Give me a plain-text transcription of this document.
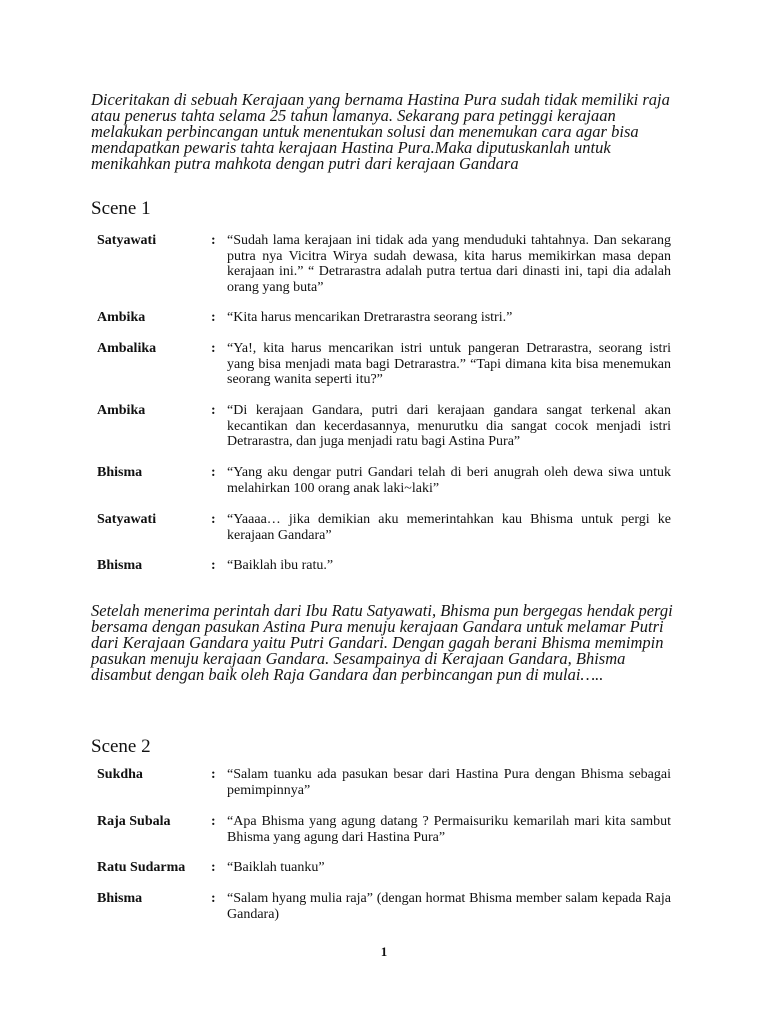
Diceritakan di sebuah Kerajaan yang bernama Hastina Pura sudah tidak memiliki raja atau penerus tahta selama 25 tahun lamanya. Sekarang para petinggi kerajaan melakukan perbincangan untuk menentukan solusi dan menemukan cara agar bisa mendapatkan pewaris tahta kerajaan Hastina Pura.Maka diputuskanlah untuk menikahkan putra mahkota dengan putri dari kerajaan Gandara

Scene 1
Satyawati	: “Sudah lama kerajaan ini tidak ada yang menduduki tahtahnya. Dan sekarang putra nya Vicitra Wirya sudah dewasa, kita harus memikirkan masa depan kerajaan ini.” “ Detrarastra adalah putra tertua dari dinasti ini, tapi dia adalah orang yang buta”
Ambika	: “Kita harus mencarikan Dretrarastra seorang istri.”
Ambalika	: “Ya!, kita harus mencarikan istri untuk pangeran Detrarastra, seorang istri yang bisa menjadi mata bagi Detrarastra.” “Tapi dimana kita bisa menemukan seorang wanita seperti itu?”
Ambika	: “Di kerajaan Gandara, putri dari kerajaan gandara sangat terkenal akan kecantikan dan kecerdasannya, menurutku dia sangat cocok menjadi istri Detrarastra, dan juga menjadi ratu bagi Astina Pura”
Bhisma	: “Yang aku dengar putri Gandari telah di beri anugrah oleh dewa siwa untuk melahirkan 100 orang anak laki~laki”
Satyawati	: “Yaaaa… jika demikian aku memerintahkan kau Bhisma untuk pergi ke kerajaan Gandara”
Bhisma	: “Baiklah ibu ratu.”

Setelah menerima perintah dari Ibu Ratu Satyawati, Bhisma pun bergegas hendak pergi bersama dengan pasukan Astina Pura menuju kerajaan Gandara untuk melamar Putri dari Kerajaan Gandara yaitu Putri Gandari. Dengan gagah berani Bhisma memimpin pasukan menuju kerajaan Gandara. Sesampainya di Kerajaan Gandara, Bhisma disambut dengan baik oleh Raja Gandara dan perbincangan pun di mulai…..

Scene 2
Sukdha	: “Salam tuanku ada pasukan besar dari Hastina Pura dengan Bhisma sebagai pemimpinnya”
Raja Subala	: “Apa Bhisma yang agung datang ? Permaisuriku kemarilah mari kita sambut Bhisma yang agung dari Hastina Pura”
Ratu Sudarma	: “Baiklah tuanku”
Bhisma	: “Salam hyang mulia raja” (dengan hormat Bhisma member salam kepada Raja Gandara)
1
